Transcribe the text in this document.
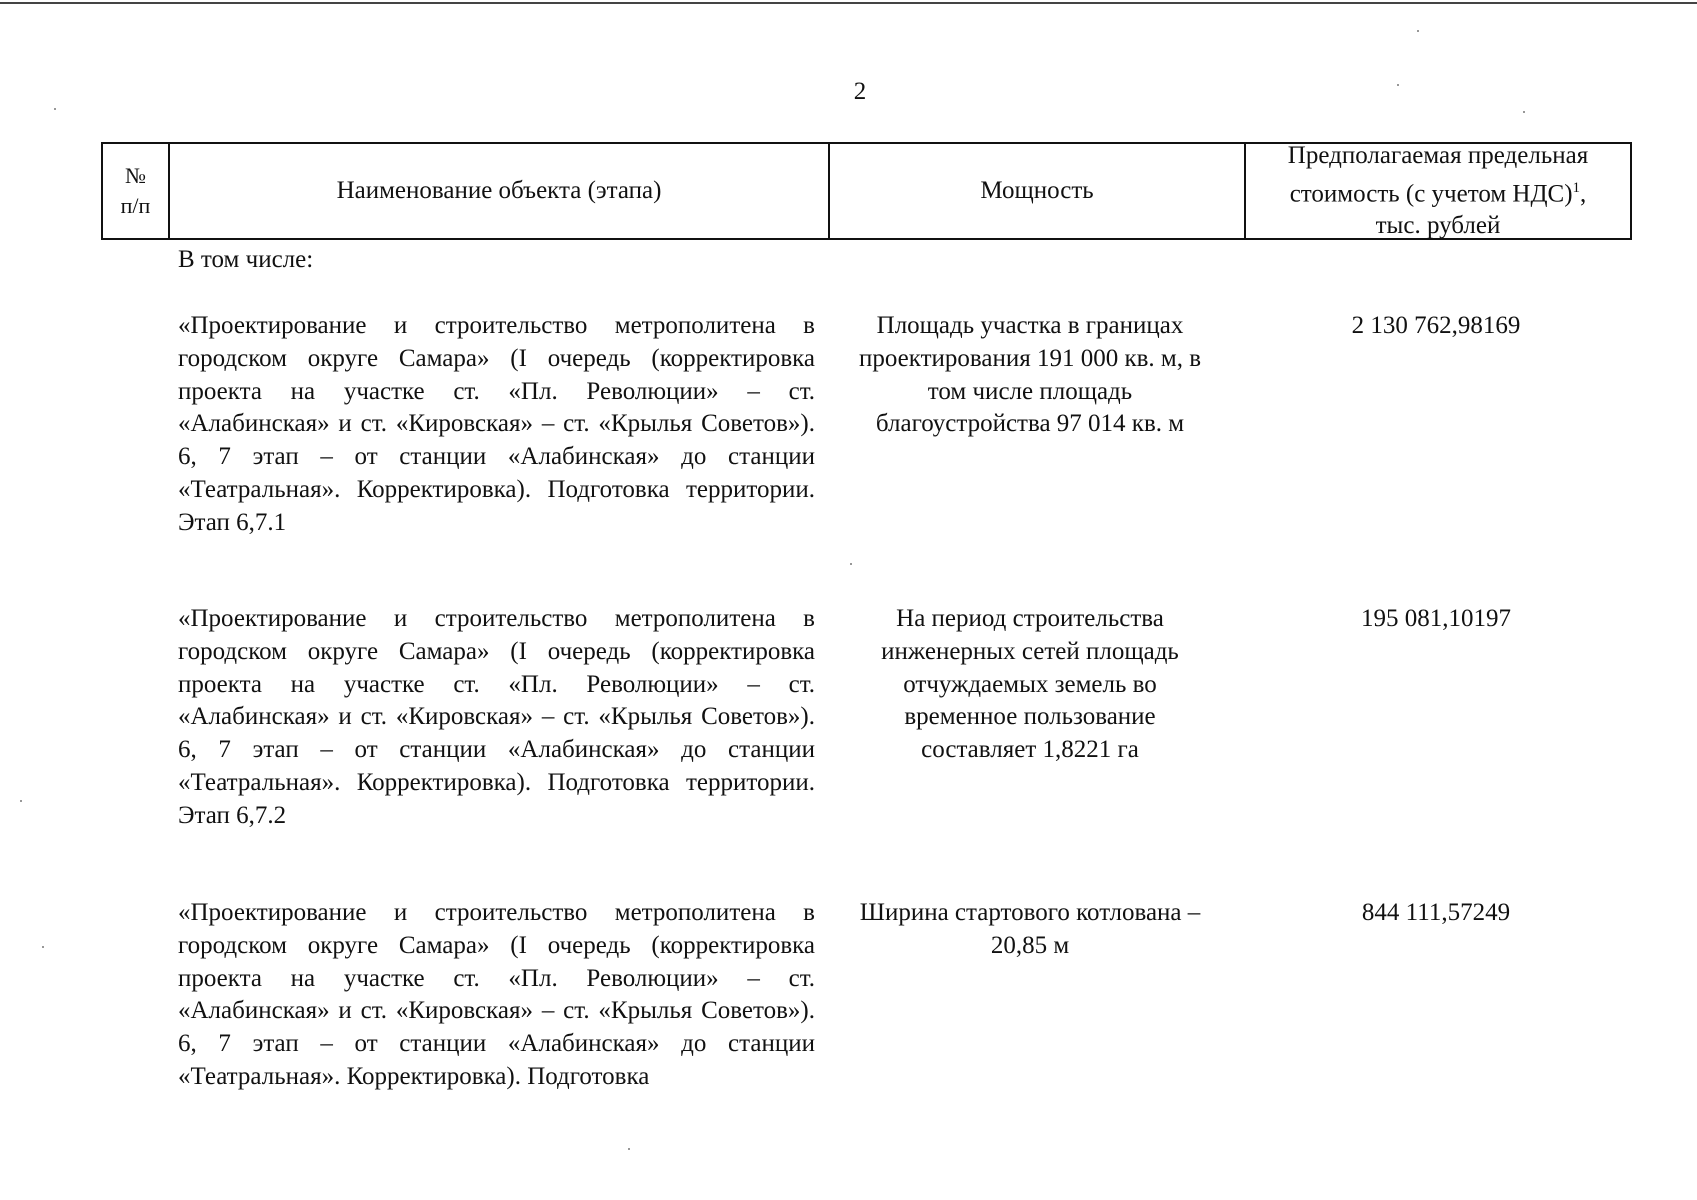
2
№
п/п
Наименование объекта (этапа)	Мощность
Предполагаемая предельная
стоимость (с учетом НДС)$^1$,
тыс. рублей
В том числе:
«Проектирование и строительство метрополитена в городском округе Самара» (I очередь (корректировка проекта на участке ст. «Пл. Революции» – ст. «Алабинская» и ст. «Кировская» – ст. «Крылья Советов»). 6, 7 этап – от станции «Алабинская» до станции «Театральная». Корректировка). Подготовка территории. Этап 6,7.1
Площадь участка в границах проектирования 191 000 кв. м, в том числе площадь благоустройства 97 014 кв. м
2 130 762,98169
«Проектирование и строительство метрополитена в городском округе Самара» (I очередь (корректировка проекта на участке ст. «Пл. Революции» – ст. «Алабинская» и ст. «Кировская» – ст. «Крылья Советов»). 6, 7 этап – от станции «Алабинская» до станции «Театральная». Корректировка). Подготовка территории. Этап 6,7.2
На период строительства инженерных сетей площадь отчуждаемых земель во временное пользование составляет 1,8221 га
195 081,10197
«Проектирование и строительство метрополитена в городском округе Самара» (I очередь (корректировка проекта на участке ст. «Пл. Революции» – ст. «Алабинская» и ст. «Кировская» – ст. «Крылья Советов»). 6, 7 этап – от станции «Алабинская» до станции «Театральная». Корректировка). Подготовка
Ширина стартового котлована – 20,85 м
844 111,57249
